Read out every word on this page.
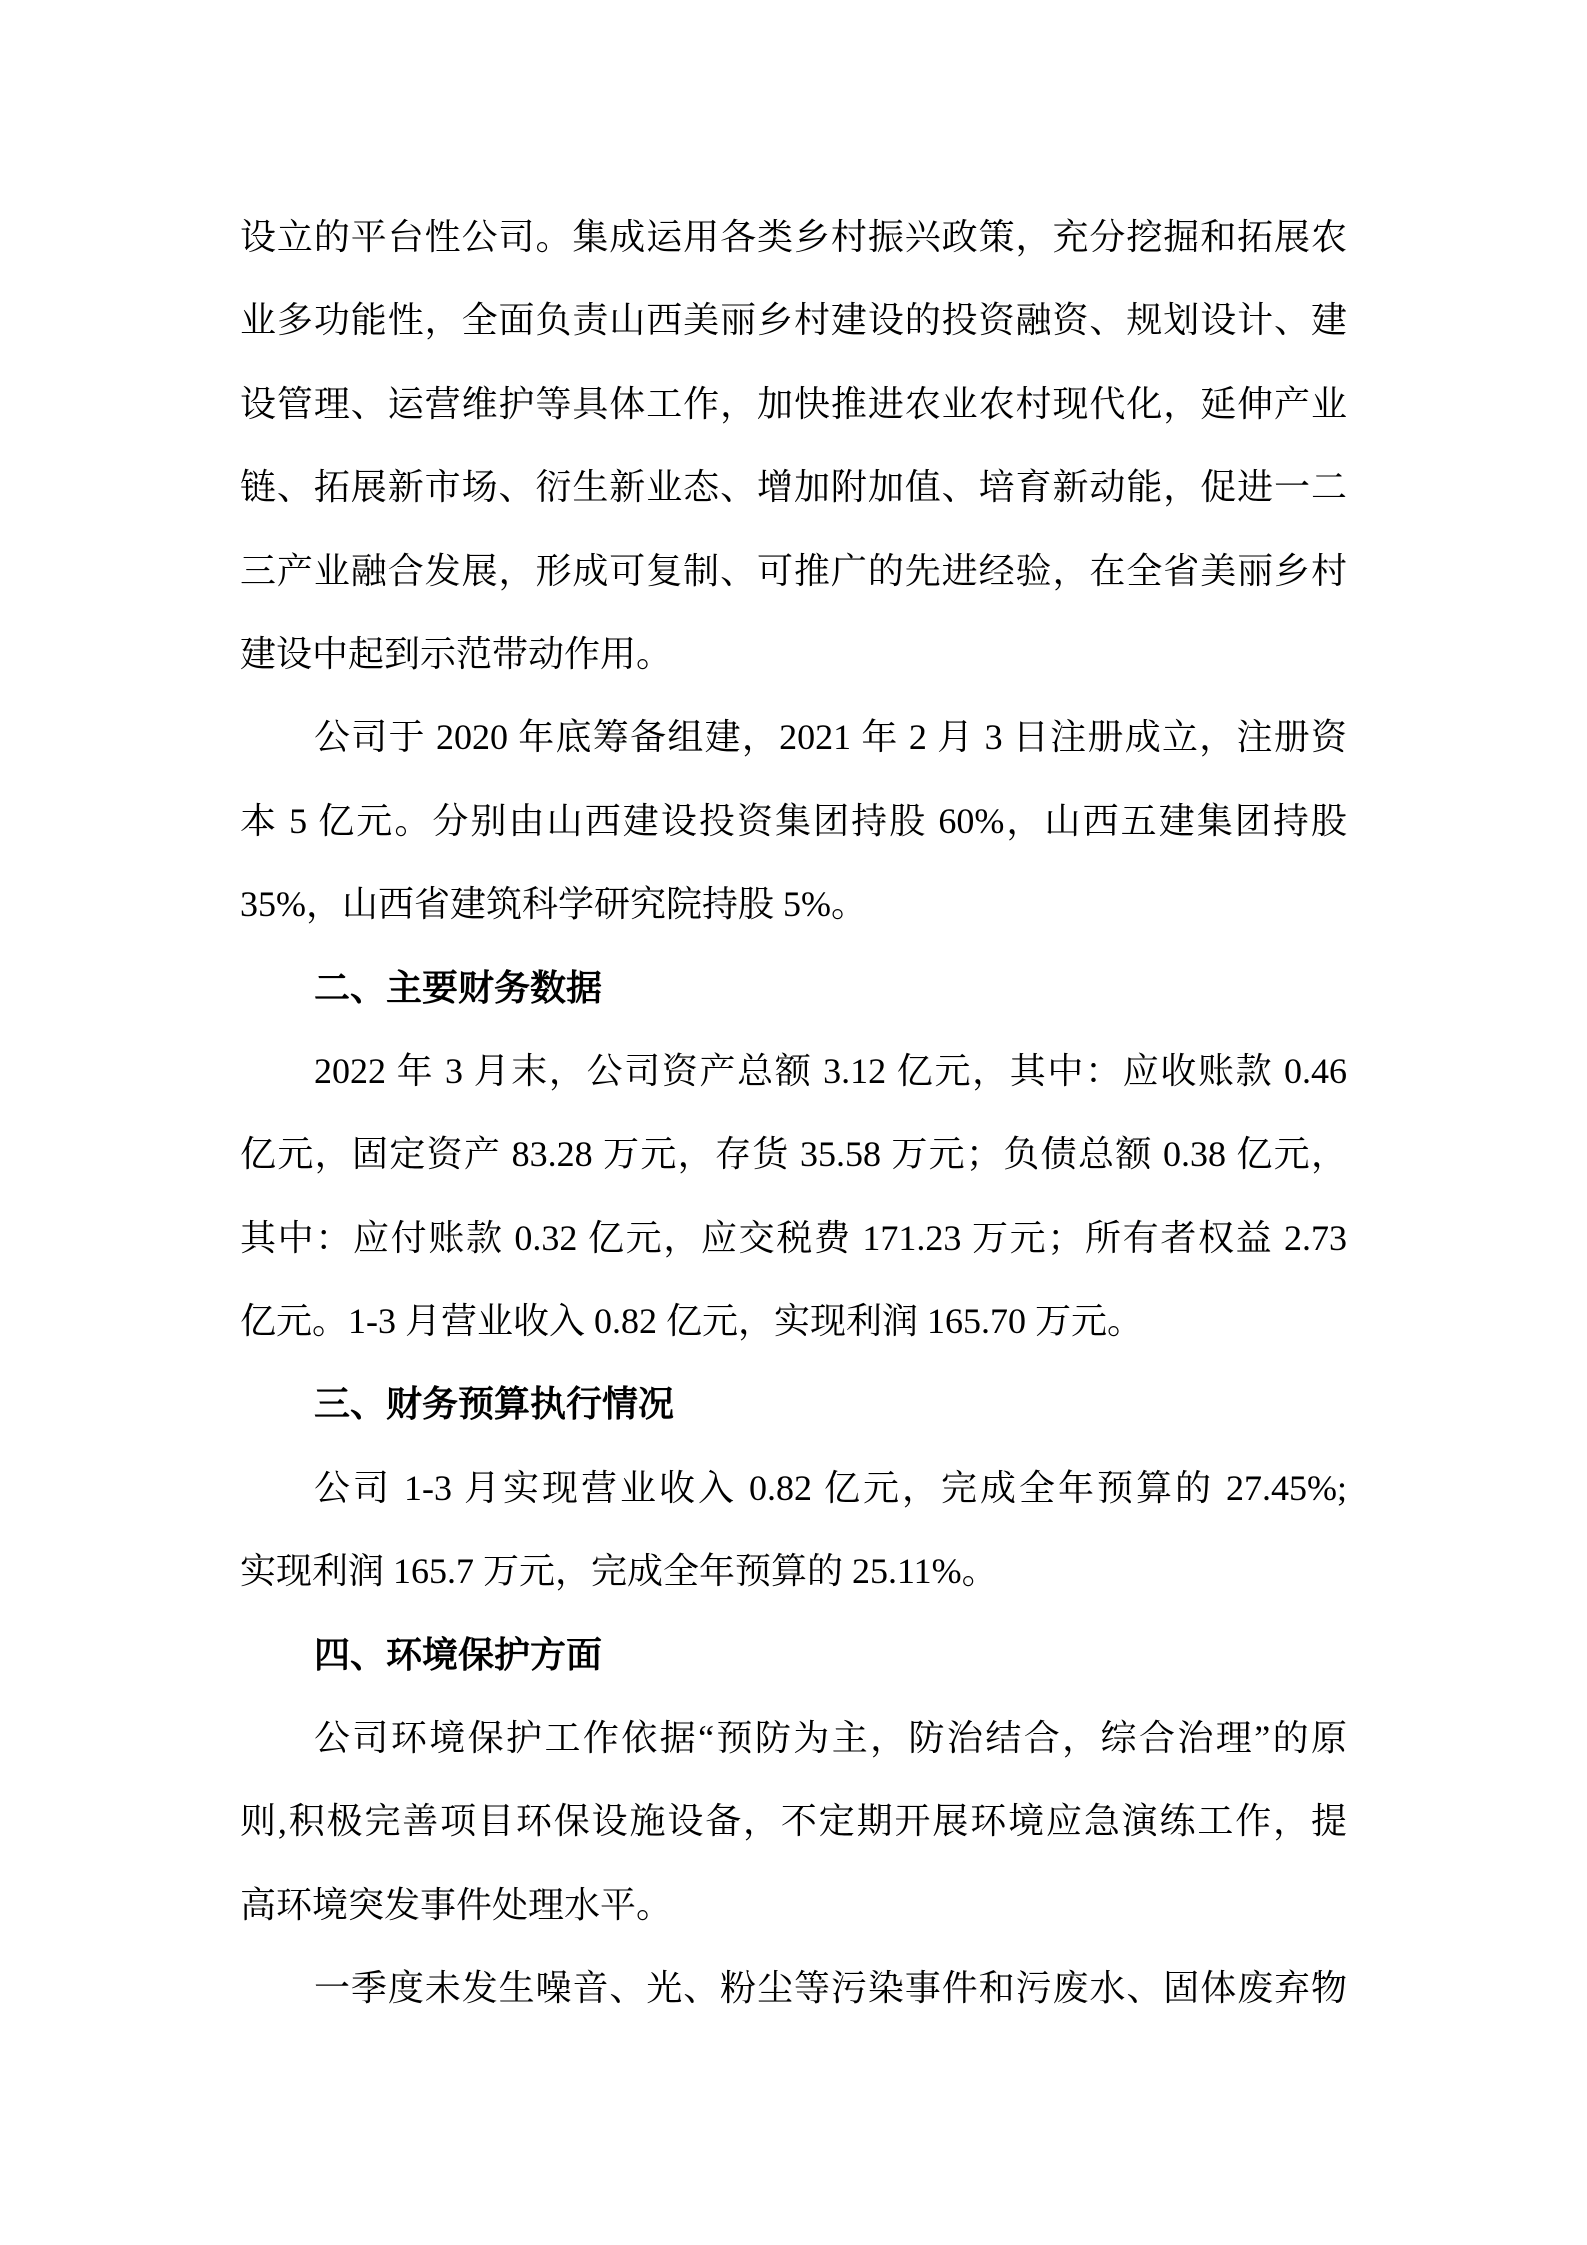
设立的平台性公司。集成运用各类乡村振兴政策，充分挖掘和拓展农
业多功能性，全面负责山西美丽乡村建设的投资融资、规划设计、建
设管理、运营维护等具体工作，加快推进农业农村现代化，延伸产业
链、拓展新市场、衍生新业态、增加附加值、培育新动能，促进一二
三产业融合发展，形成可复制、可推广的先进经验，在全省美丽乡村
建设中起到示范带动作用。
公司于 2020 年底筹备组建，2021 年 2 月 3 日注册成立，注册资
本 5 亿元。分别由山西建设投资集团持股 60%，山西五建集团持股
35%，山西省建筑科学研究院持股 5%。
二、主要财务数据
2022 年 3 月末，公司资产总额 3.12 亿元，其中：应收账款 0.46
亿元，固定资产 83.28 万元，存货 35.58 万元；负债总额 0.38 亿元，
其中：应付账款 0.32 亿元，应交税费 171.23 万元；所有者权益 2.73
亿元。1-3 月营业收入 0.82 亿元，实现利润 165.70 万元。
三、财务预算执行情况
公司 1-3 月实现营业收入 0.82 亿元，完成全年预算的 27.45%;
实现利润 165.7 万元，完成全年预算的 25.11%。
四、环境保护方面
公司环境保护工作依据“预防为主，防治结合，综合治理”的原
则,积极完善项目环保设施设备，不定期开展环境应急演练工作，提
高环境突发事件处理水平。
一季度未发生噪音、光、粉尘等污染事件和污废水、固体废弃物
